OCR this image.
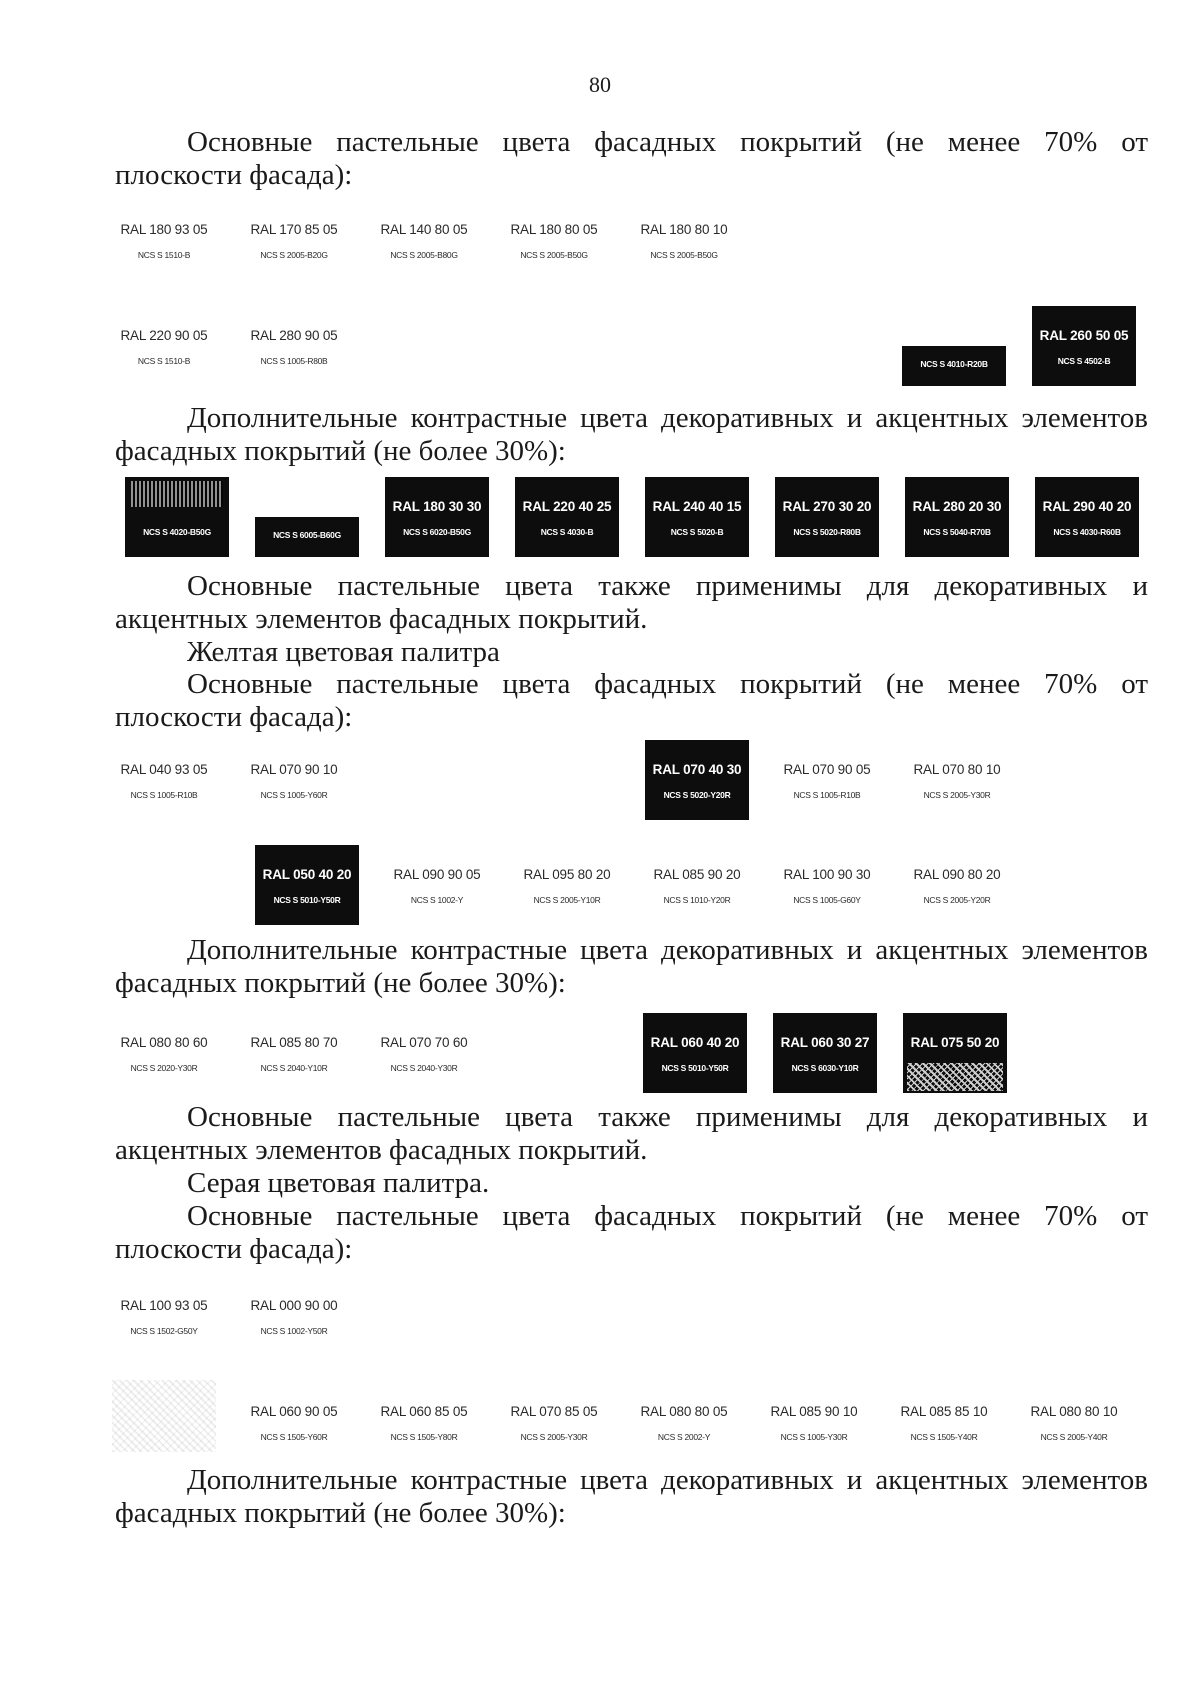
80
Основные пастельные цвета фасадных покрытий (не менее 70% от плоскости фасада):
RAL 180 93 05
NCS S 1510-B
RAL 170 85 05
NCS S 2005-B20G
RAL 140 80 05
NCS S 2005-B80G
RAL 180 80 05
NCS S 2005-B50G
RAL 180 80 10
NCS S 2005-B50G
RAL 220 90 05
NCS S 1510-B
RAL 280 90 05
NCS S 1005-R80B	NCS S 4010-R20B
RAL 260 50 05
NCS S 4502-B
Дополнительные контрастные цвета декоративных и акцентных элементов фасадных покрытий (не более 30%):
NCS S 4020-B50G	NCS S 6005-B60G
RAL 180 30 30
NCS S 6020-B50G
RAL 220 40 25
NCS S 4030-B
RAL 240 40 15
NCS S 5020-B
RAL 270 30 20
NCS S 5020-R80B
RAL 280 20 30
NCS S 5040-R70B
RAL 290 40 20
NCS S 4030-R60B
Основные пастельные цвета также применимы для декоративных и акцентных элементов фасадных покрытий.
Желтая цветовая палитра
Основные пастельные цвета фасадных покрытий (не менее 70% от плоскости фасада):
RAL 040 93 05
NCS S 1005-R10B
RAL 070 90 10
NCS S 1005-Y60R
RAL 070 40 30
NCS S 5020-Y20R
RAL 070 90 05
NCS S 1005-R10B
RAL 070 80 10
NCS S 2005-Y30R
RAL 050 40 20
NCS S 5010-Y50R
RAL 090 90 05
NCS S 1002-Y
RAL 095 80 20
NCS S 2005-Y10R
RAL 085 90 20
NCS S 1010-Y20R
RAL 100 90 30
NCS S 1005-G60Y
RAL 090 80 20
NCS S 2005-Y20R
Дополнительные контрастные цвета декоративных и акцентных элементов фасадных покрытий (не более 30%):
RAL 080 80 60
NCS S 2020-Y30R
RAL 085 80 70
NCS S 2040-Y10R
RAL 070 70 60
NCS S 2040-Y30R
RAL 060 40 20
NCS S 5010-Y50R
RAL 060 30 27
NCS S 6030-Y10R
RAL 075 50 20
Основные пастельные цвета также применимы для декоративных и акцентных элементов фасадных покрытий.
Серая цветовая палитра.
Основные пастельные цвета фасадных покрытий (не менее 70% от плоскости фасада):
RAL 100 93 05
NCS S 1502-G50Y
RAL 000 90 00
NCS S 1002-Y50R
RAL 060 90 05
NCS S 1505-Y60R
RAL 060 85 05
NCS S 1505-Y80R
RAL 070 85 05
NCS S 2005-Y30R
RAL 080 80 05
NCS S 2002-Y
RAL 085 90 10
NCS S 1005-Y30R
RAL 085 85 10
NCS S 1505-Y40R
RAL 080 80 10
NCS S 2005-Y40R
Дополнительные контрастные цвета декоративных и акцентных элементов фасадных покрытий (не более 30%):
